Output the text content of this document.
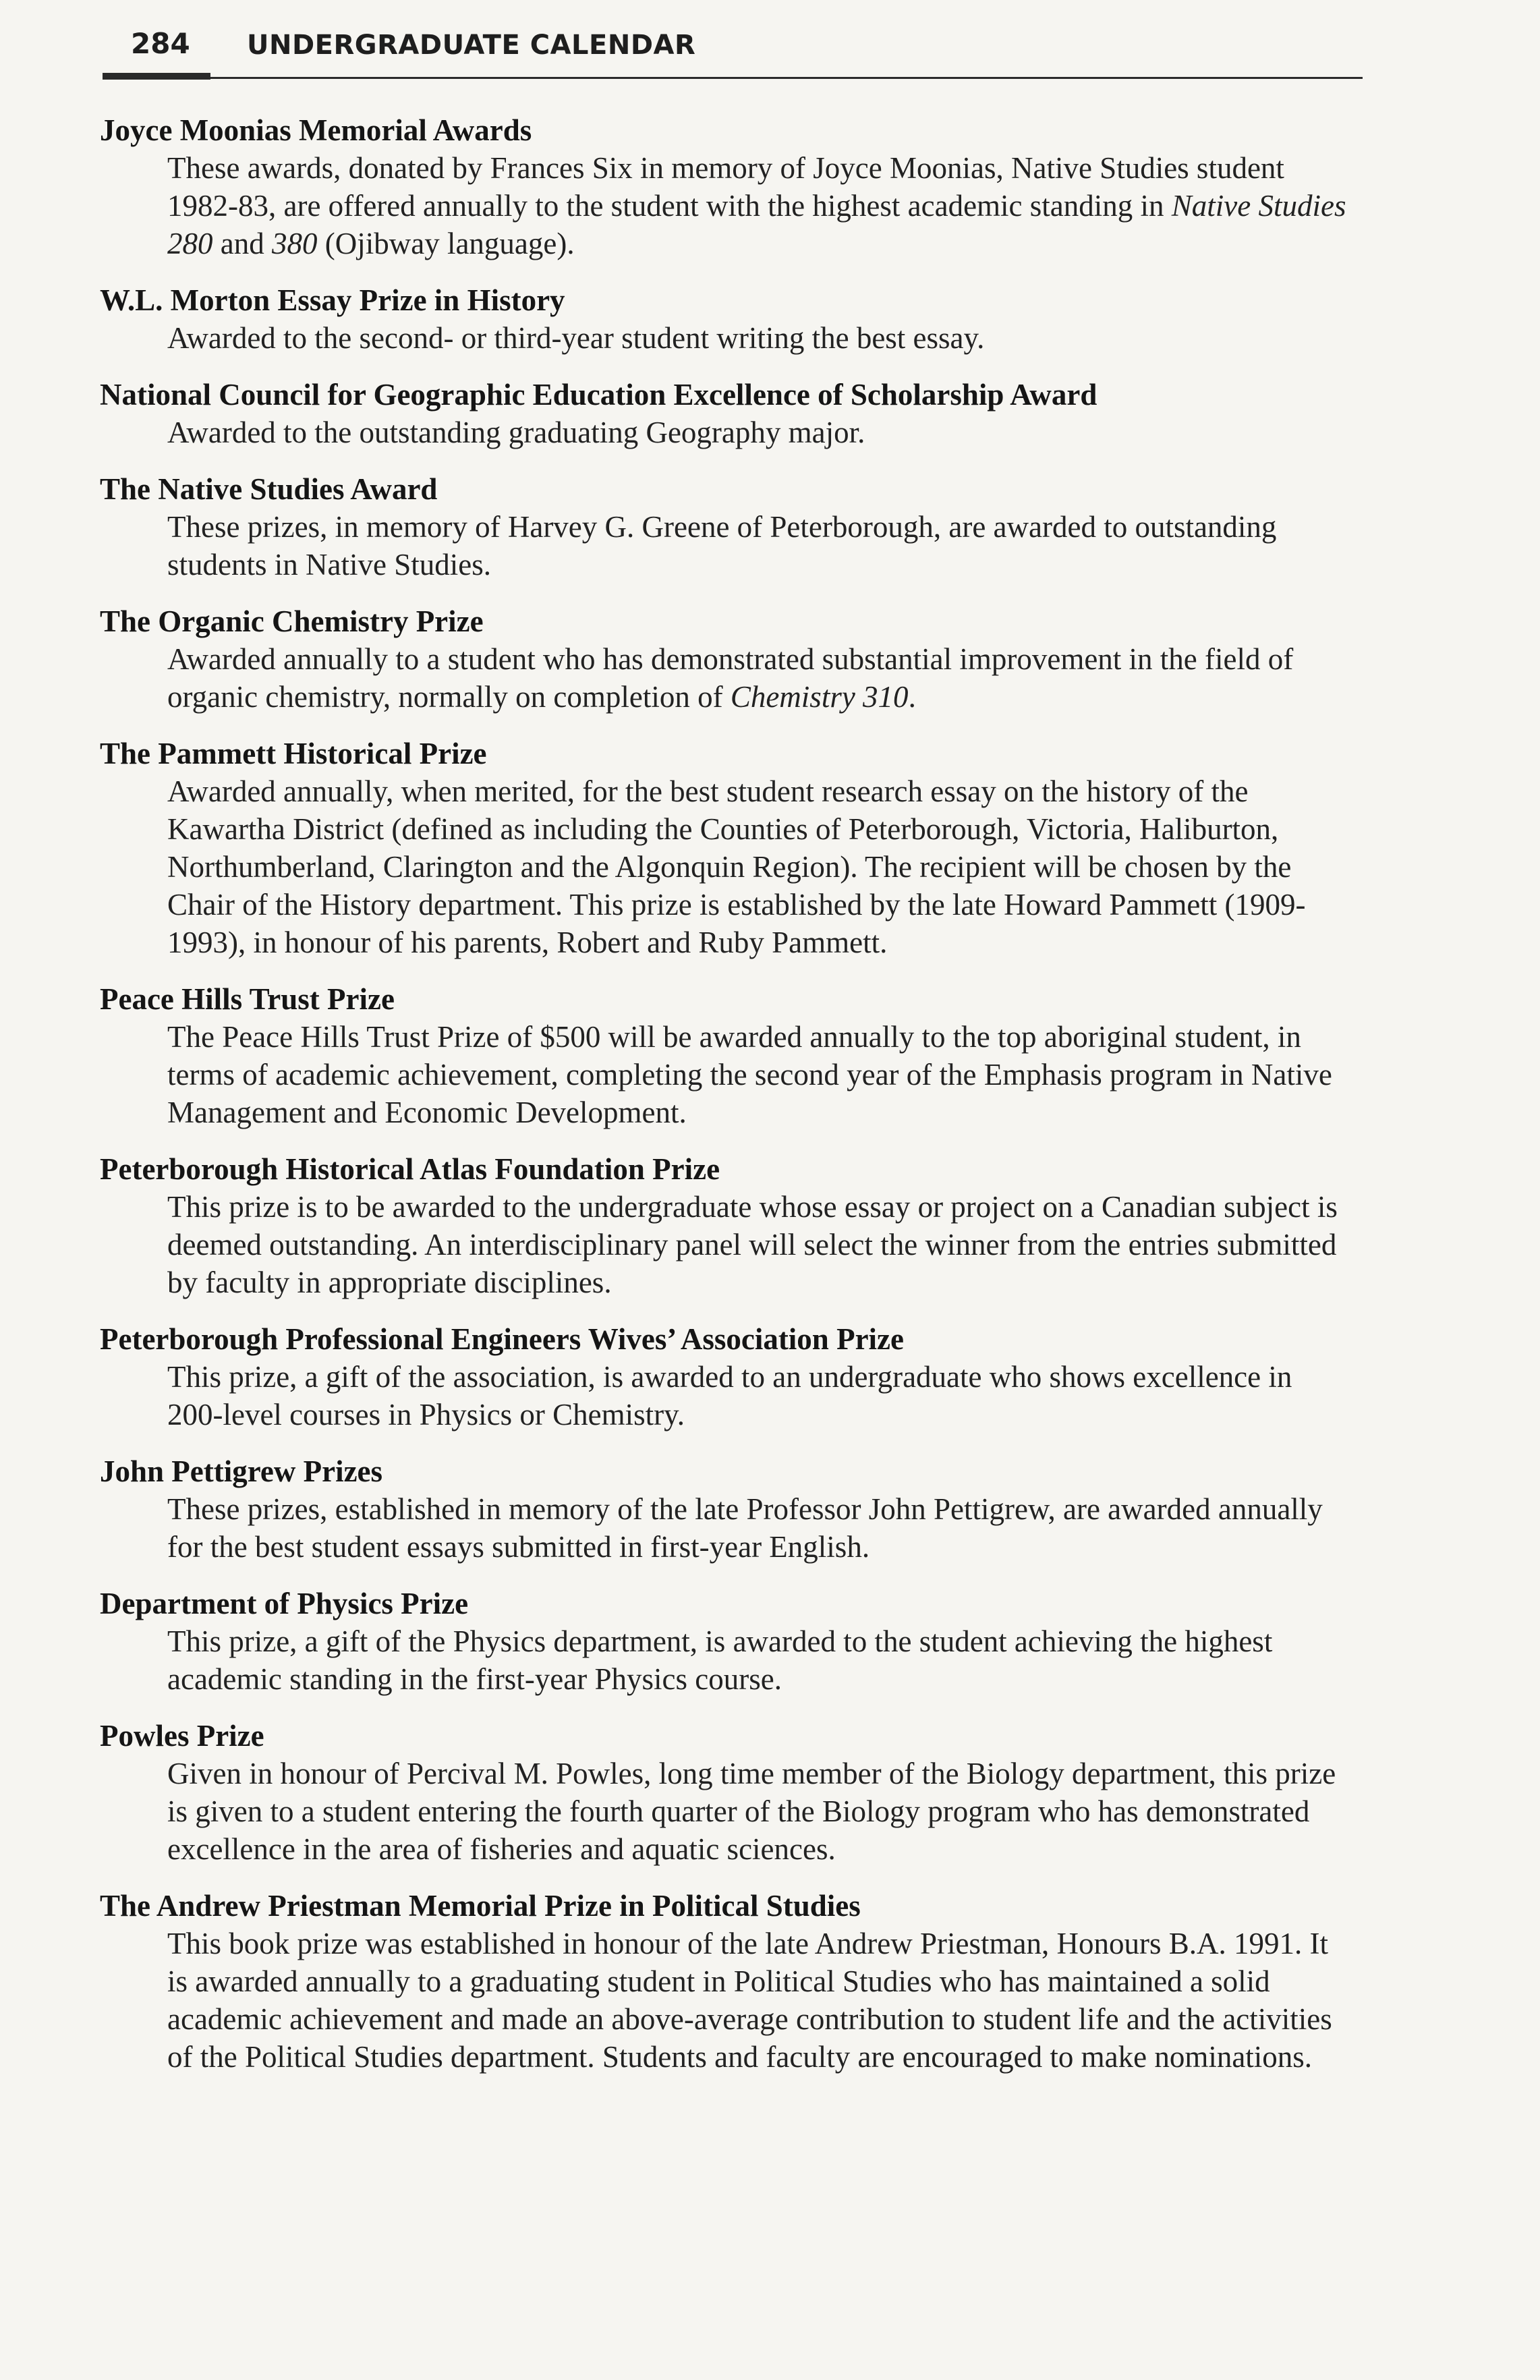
284 UNDERGRADUATE CALENDAR

Joyce Moonias Memorial Awards

These awards, donated by Frances Six in memory of Joyce Moonias, Native Studies student 1982-83, are offered annually to the student with the highest academic standing in Native Studies 280 and 380 (Ojibway language).

W.L. Morton Essay Prize in History

Awarded to the second- or third-year student writing the best essay.

National Council for Geographic Education Excellence of Scholarship Award

Awarded to the outstanding graduating Geography major.

The Native Studies Award

These prizes, in memory of Harvey G. Greene of Peterborough, are awarded to outstanding students in Native Studies.

The Organic Chemistry Prize

Awarded annually to a student who has demonstrated substantial improvement in the field of organic chemistry, normally on completion of Chemistry 310.

The Pammett Historical Prize

Awarded annually, when merited, for the best student research essay on the history of the Kawartha District (defined as including the Counties of Peterborough, Victoria, Haliburton, Northumberland, Clarington and the Algonquin Region). The recipient will be chosen by the Chair of the History department. This prize is established by the late Howard Pammett (1909-1993), in honour of his parents, Robert and Ruby Pammett.

Peace Hills Trust Prize

The Peace Hills Trust Prize of $500 will be awarded annually to the top aboriginal student, in terms of academic achievement, completing the second year of the Emphasis program in Native Management and Economic Development.

Peterborough Historical Atlas Foundation Prize

This prize is to be awarded to the undergraduate whose essay or project on a Canadian subject is deemed outstanding. An interdisciplinary panel will select the winner from the entries submitted by faculty in appropriate disciplines.

Peterborough Professional Engineers Wives’ Association Prize

This prize, a gift of the association, is awarded to an undergraduate who shows excellence in 200-level courses in Physics or Chemistry.

John Pettigrew Prizes

These prizes, established in memory of the late Professor John Pettigrew, are awarded annually for the best student essays submitted in first-year English.

Department of Physics Prize

This prize, a gift of the Physics department, is awarded to the student achieving the highest academic standing in the first-year Physics course.

Powles Prize

Given in honour of Percival M. Powles, long time member of the Biology department, this prize is given to a student entering the fourth quarter of the Biology program who has demonstrated excellence in the area of fisheries and aquatic sciences.

The Andrew Priestman Memorial Prize in Political Studies

This book prize was established in honour of the late Andrew Priestman, Honours B.A. 1991. It is awarded annually to a graduating student in Political Studies who has maintained a solid academic achievement and made an above-average contribution to student life and the activities of the Political Studies department. Students and faculty are encouraged to make nominations.
